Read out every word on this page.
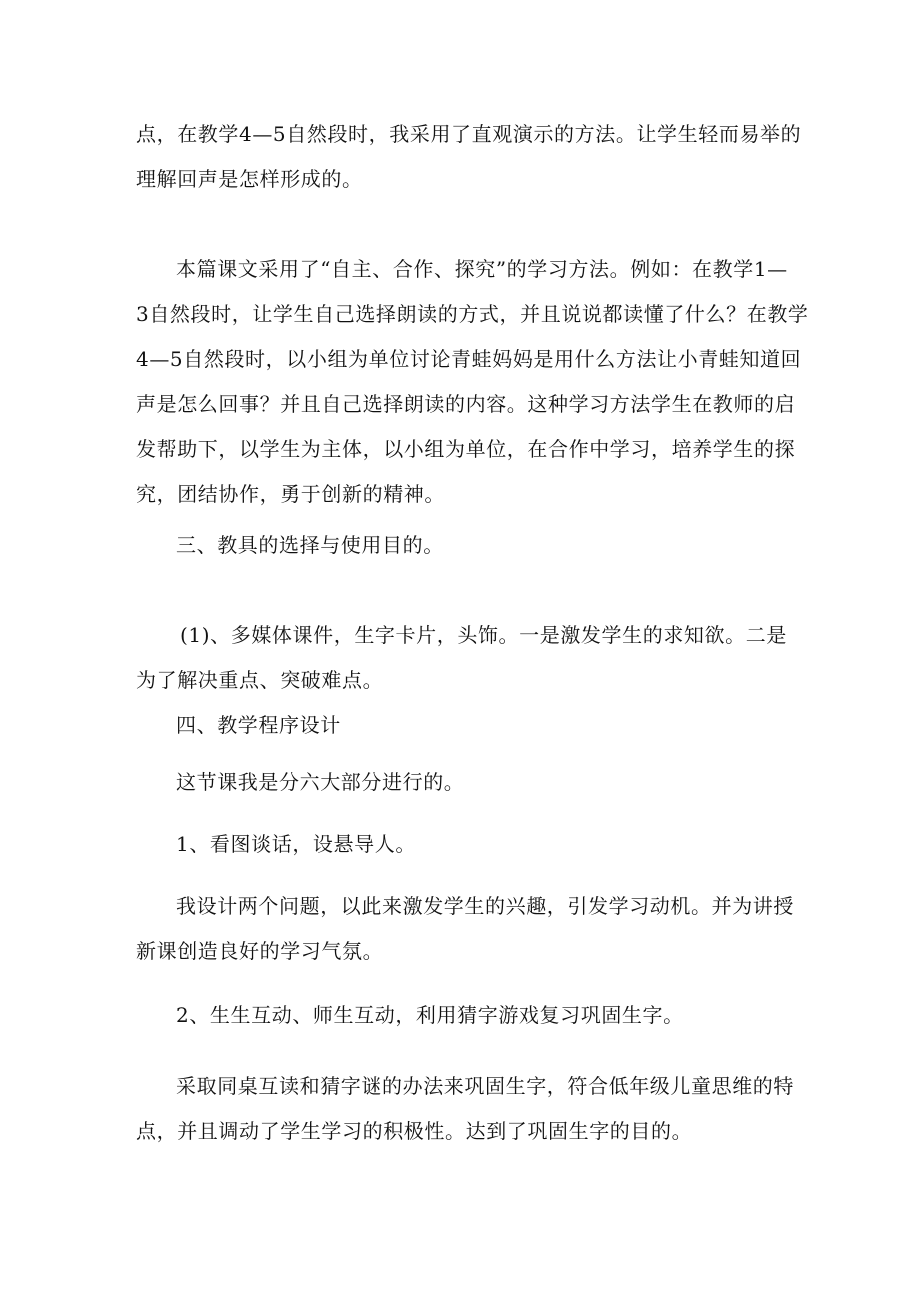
点，在教学4—5自然段时，我采用了直观演示的方法。让学生轻而易举的
理解回声是怎样形成的。

本篇课文采用了“自主、合作、探究”的学习方法。例如：在教学1—
3自然段时，让学生自己选择朗读的方式，并且说说都读懂了什么？在教学
4—5自然段时，以小组为单位讨论青蛙妈妈是用什么方法让小青蛙知道回
声是怎么回事？并且自己选择朗读的内容。这种学习方法学生在教师的启
发帮助下，以学生为主体，以小组为单位，在合作中学习，培养学生的探
究，团结协作，勇于创新的精神。

三、教具的选择与使用目的。

(1)、多媒体课件，生字卡片，头饰。一是激发学生的求知欲。二是
为了解决重点、突破难点。

四、教学程序设计

这节课我是分六大部分进行的。

1、看图谈话，设悬导人。

我设计两个问题，以此来激发学生的兴趣，引发学习动机。并为讲授
新课创造良好的学习气氛。

2、生生互动、师生互动，利用猜字游戏复习巩固生字。

采取同桌互读和猜字谜的办法来巩固生字，符合低年级儿童思维的特
点，并且调动了学生学习的积极性。达到了巩固生字的目的。
